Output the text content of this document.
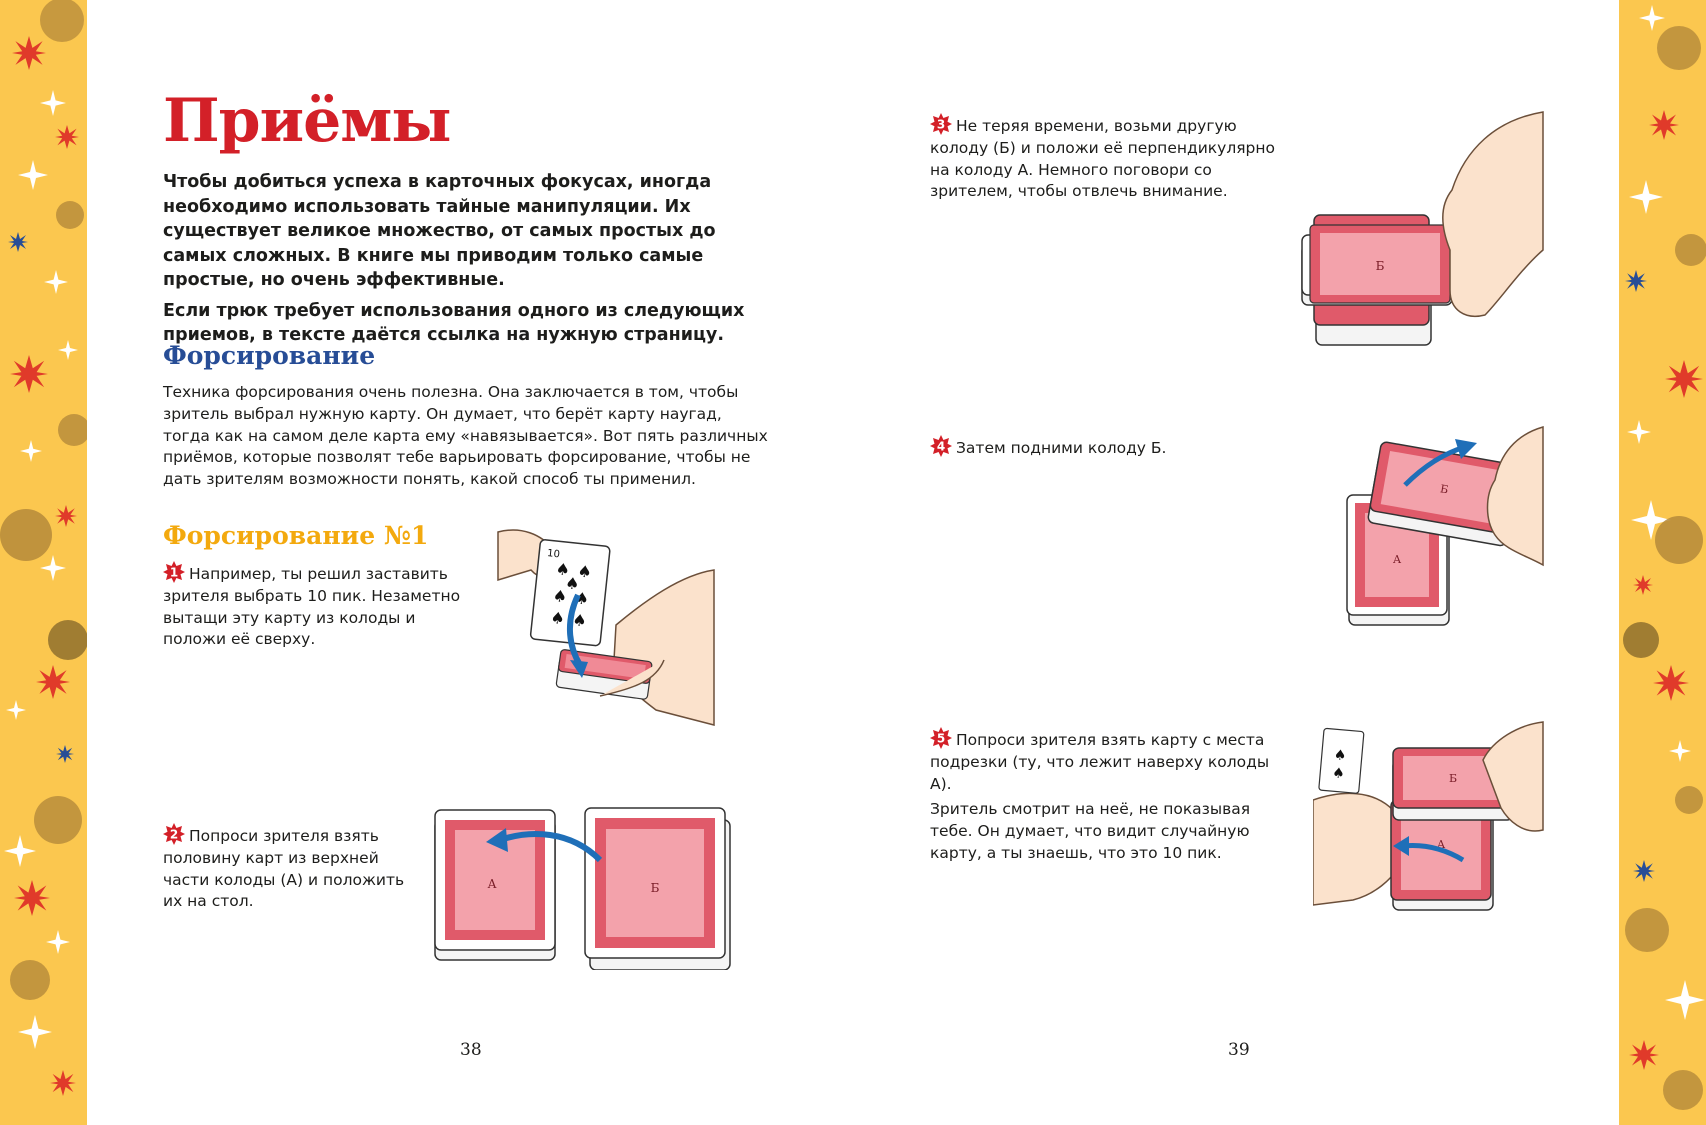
Приёмы

Чтобы добиться успеха в карточных фокусах, иногда необходимо использовать тайные манипуляции. Их существует великое множество, от самых простых до самых сложных. В книге мы приводим только самые простые, но очень эффективные.

Если трюк требует использования одного из следующих приемов, в тексте даётся ссылка на нужную страницу.

Форсирование

Техника форсирования очень полезна. Она заключается в том, чтобы зритель выбрал нужную карту. Он думает, что берёт карту наугад, тогда как на самом деле карта ему «навязывается». Вот пять различных приёмов, которые позволят тебе варьировать форсирование, чтобы не дать зрителям возможности понять, какой способ ты применил.

Форсирование №1

1 Например, ты решил заставить зрителя выбрать 10 пик. Незаметно вытащи эту карту из колоды и положи её сверху.

2 Попроси зрителя взять половину карт из верхней части колоды (А) и положить их на стол.

38

3 Не теряя времени, возьми другую колоду (Б) и положи её перпендикулярно на колоду А. Немного поговори со зрителем, чтобы отвлечь внимание.

4 Затем подними колоду Б.

5 Попроси зрителя взять карту с места подрезки (ту, что лежит наверху колоды А).

Зритель смотрит на неё, не показывая тебе. Он думает, что видит случайную карту, а ты знаешь, что это 10 пик.

39

10
♠ ♠
♠
♠ ♠
♠ ♠
А	Б
Б
А
Б
♠
♠
А
Б
